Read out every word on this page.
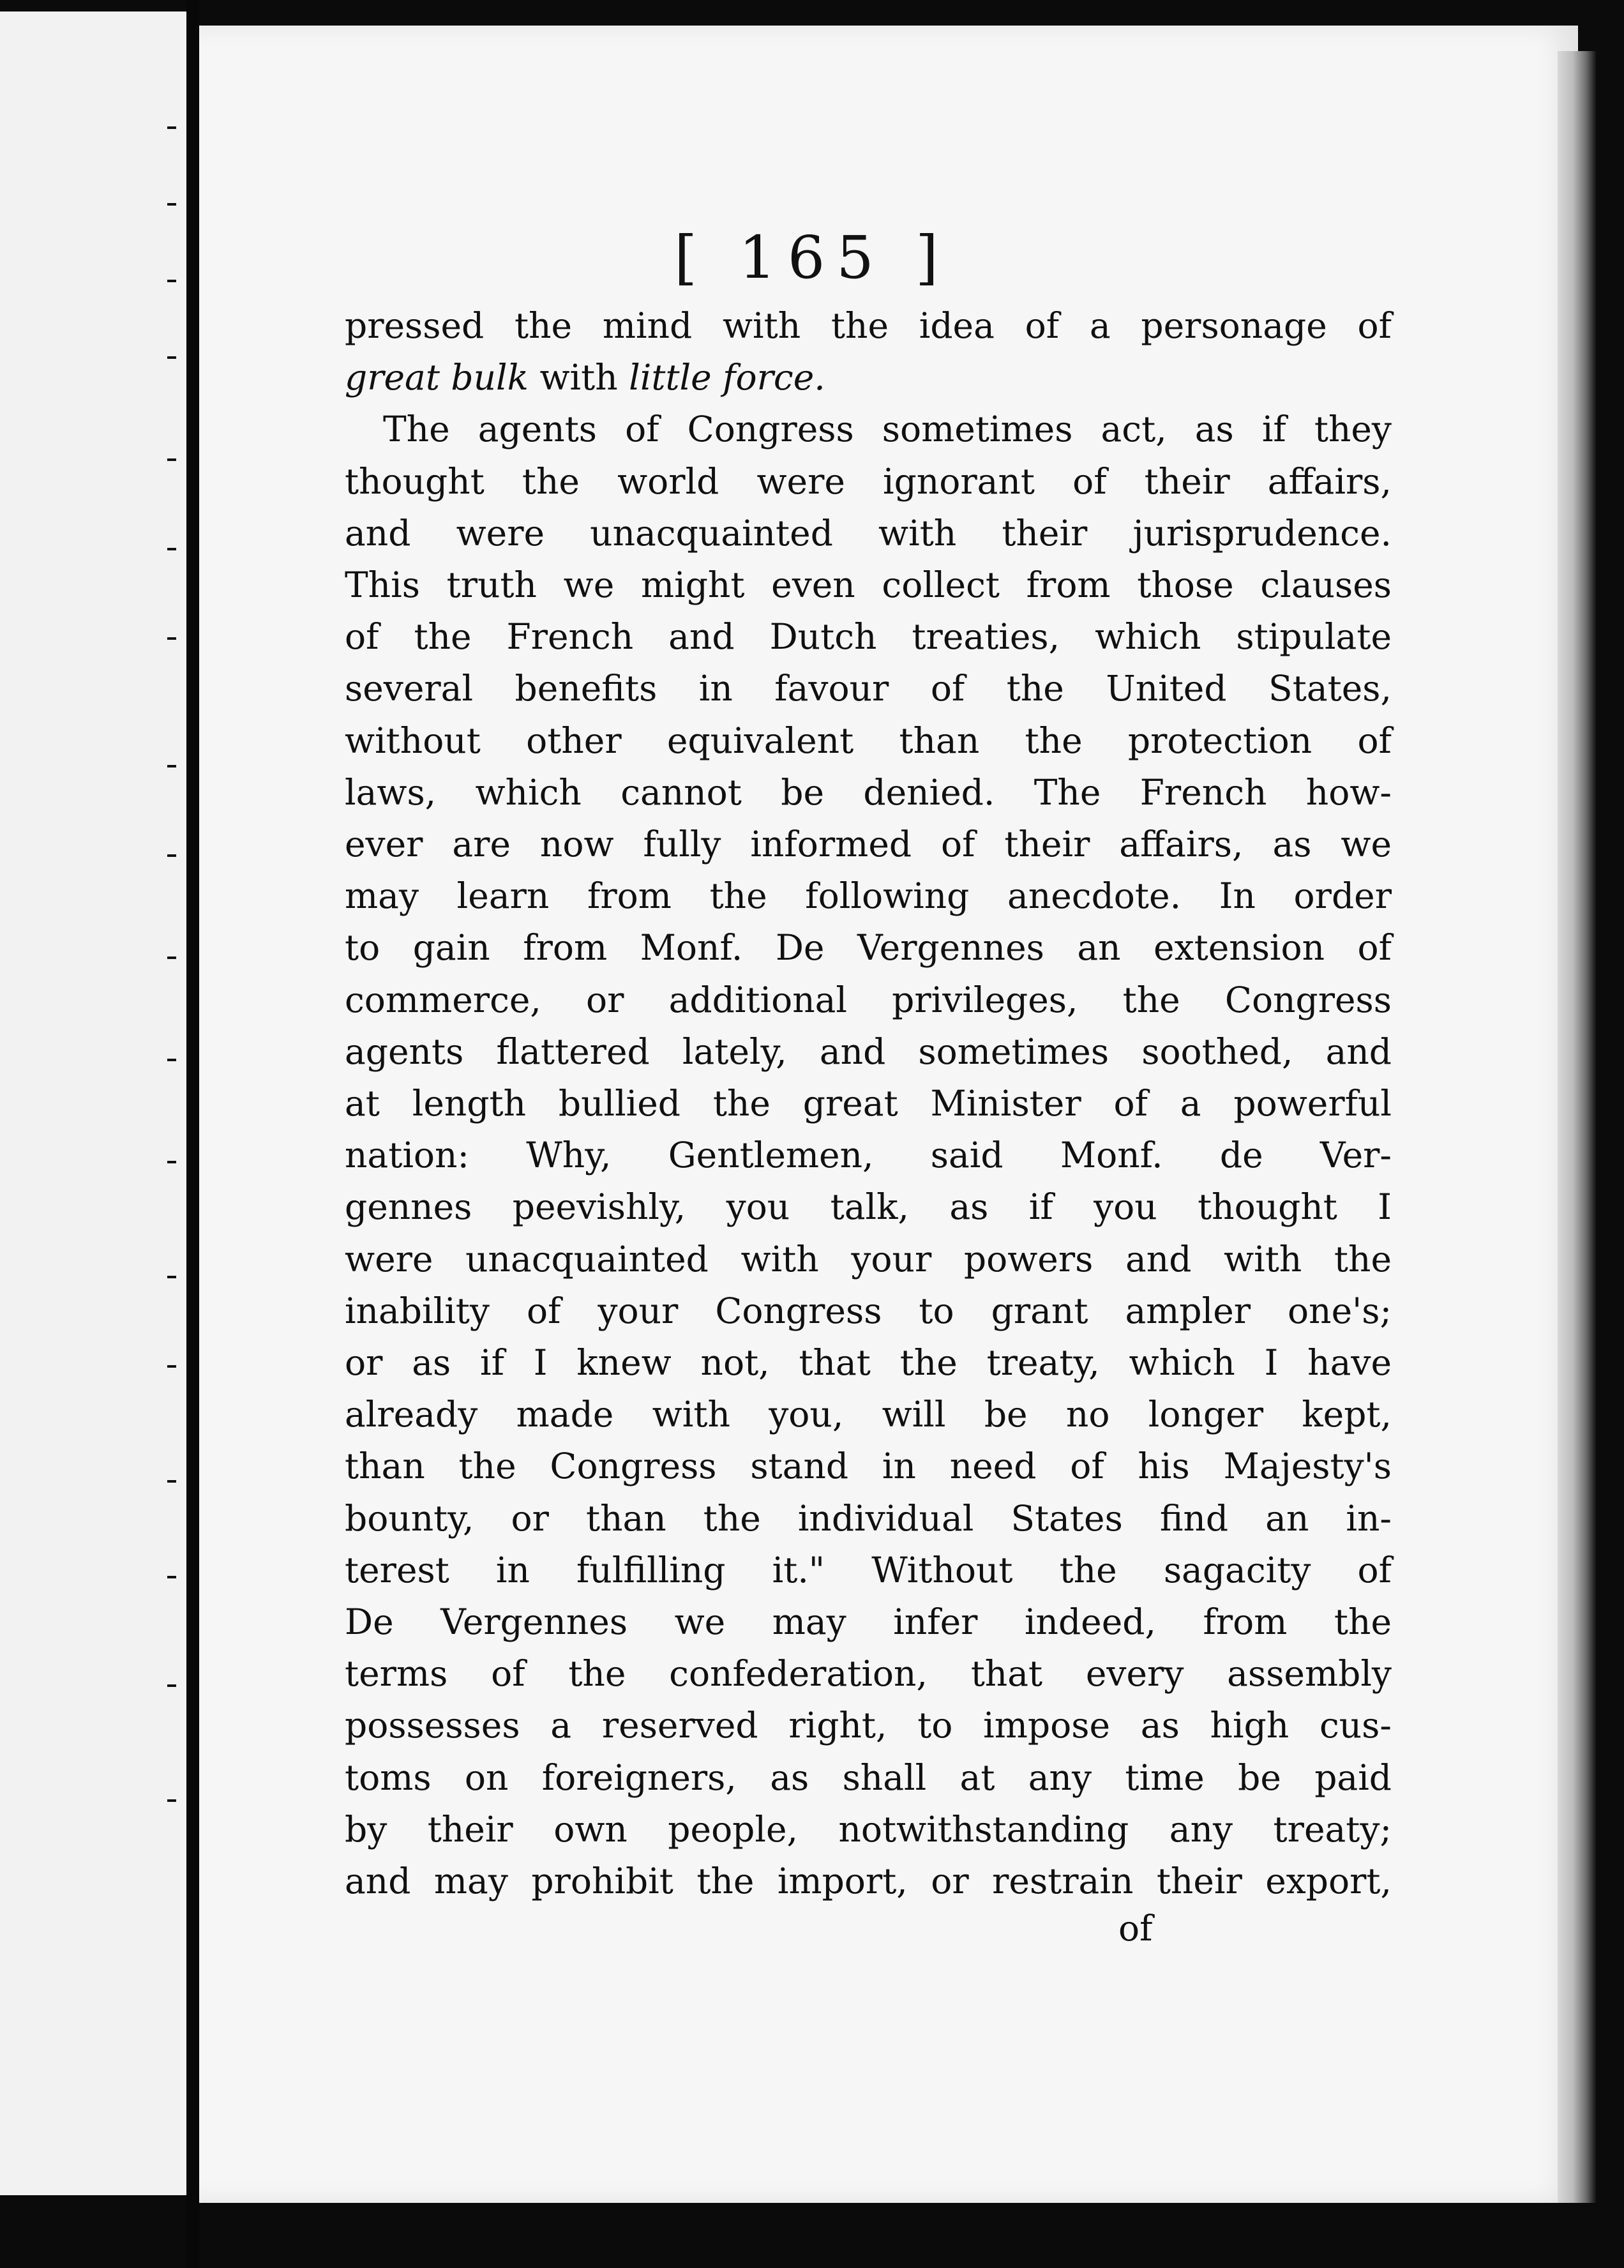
[ 165 ]
pressed the mind with the idea of a personage of
great bulk with little force.
The agents of Congress sometimes act, as if they
thought the world were ignorant of their affairs,
and were unacquainted with their jurisprudence.
This truth we might even collect from those clauses
of the French and Dutch treaties, which stipulate
several benefits in favour of the United States,
without other equivalent than the protection of
laws, which cannot be denied. The French how-
ever are now fully informed of their affairs, as we
may learn from the following anecdote. In order
to gain from Monf. De Vergennes an extension of
commerce, or additional privileges, the Congress
agents flattered lately, and sometimes soothed, and
at length bullied the great Minister of a powerful
nation: Why, Gentlemen, said Monf. de Ver-
gennes peevishly, you talk, as if you thought I
were unacquainted with your powers and with the
inability of your Congress to grant ampler one's;
or as if I knew not, that the treaty, which I have
already made with you, will be no longer kept,
than the Congress stand in need of his Majesty's
bounty, or than the individual States find an in-
terest in fulfilling it." Without the sagacity of
De Vergennes we may infer indeed, from the
terms of the confederation, that every assembly
possesses a reserved right, to impose as high cus-
toms on foreigners, as shall at any time be paid
by their own people, notwithstanding any treaty;
and may prohibit the import, or restrain their export,
of
